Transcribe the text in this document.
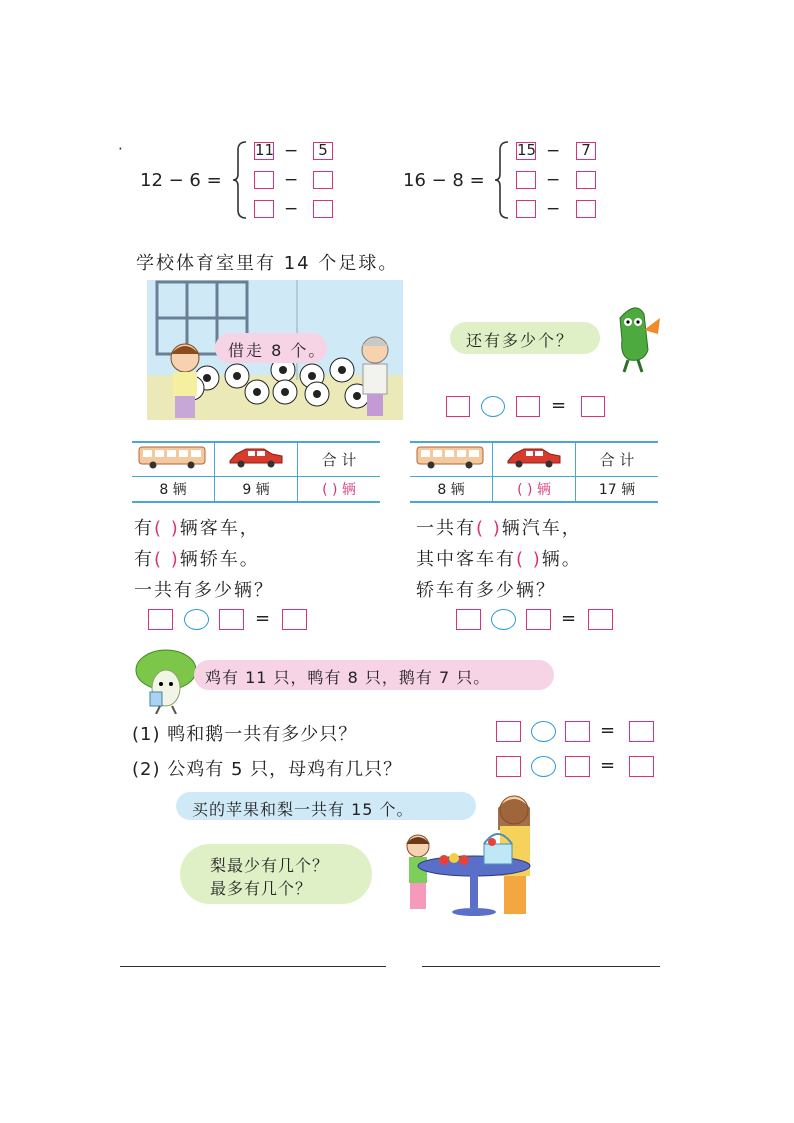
·
12 − 6 =
11 −	5
−
−
16 − 8 =
15 −	7
−
−
学校体育室里有 14 个足球。
借走 8 个。
还有多少个？
=
		合 计
8 辆	9 辆	( ) 辆
		合 计
8 辆	( ) 辆	17 辆
有( )辆客车，
有( )辆轿车。
一共有多少辆？
一共有( )辆汽车，
其中客车有( )辆。
轿车有多少辆？
=	=
鸡有 11 只，鸭有 8 只，鹅有 7 只。
(1) 鸭和鹅一共有多少只？	=
(2) 公鸡有 5 只，母鸡有几只？	=
买的苹果和梨一共有 15 个。
梨最少有几个？
最多有几个？
